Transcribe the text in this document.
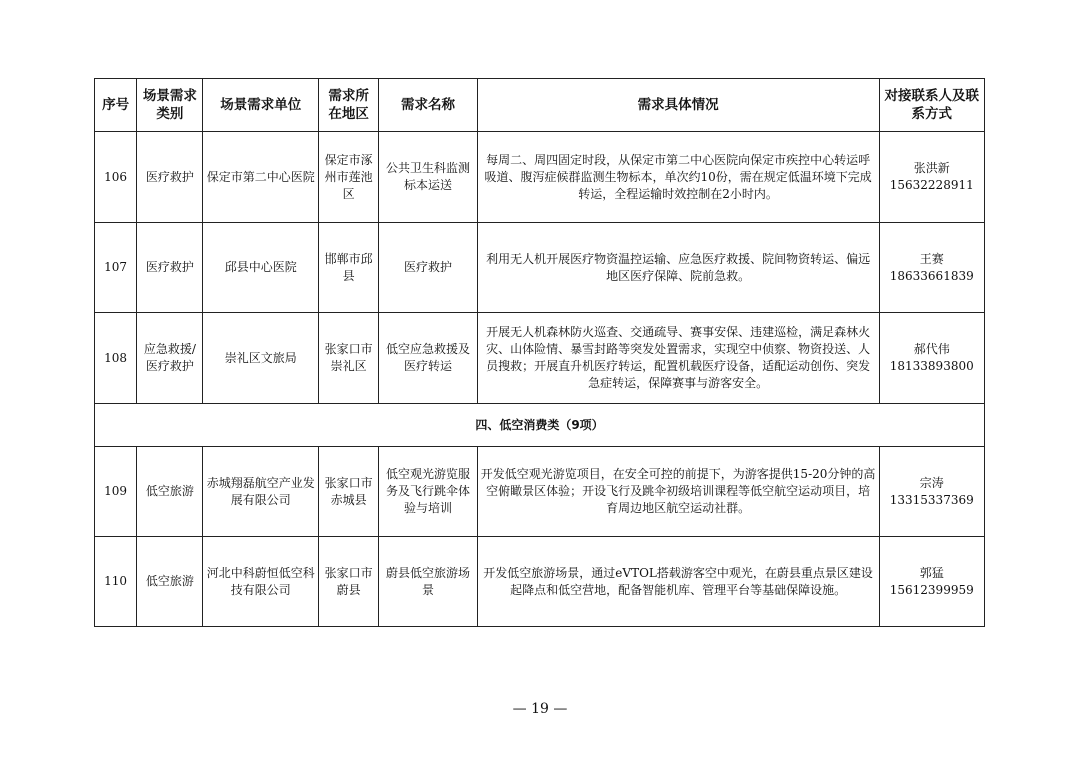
序号	场景需求类别	场景需求单位	需求所在地区	需求名称	需求具体情况	对接联系人及联系方式
106	医疗救护	保定市第二中心医院	保定市涿州市莲池区	公共卫生科监测标本运送	每周二、周四固定时段，从保定市第二中心医院向保定市疾控中心转运呼吸道、腹泻症候群监测生物标本，单次约10份，需在规定低温环境下完成转运，全程运输时效控制在2小时内。	张洪新
15632228911

107	医疗救护	邱县中心医院	邯郸市邱县	医疗救护	利用无人机开展医疗物资温控运输、应急医疗救援、院间物资转运、偏远地区医疗保障、院前急救。	王赛
18633661839

108	应急救援/医疗救护	崇礼区文旅局	张家口市崇礼区	低空应急救援及医疗转运	开展无人机森林防火巡查、交通疏导、赛事安保、违建巡检，满足森林火灾、山体险情、暴雪封路等突发处置需求，实现空中侦察、物资投送、人员搜救；开展直升机医疗转运，配置机载医疗设备，适配运动创伤、突发急症转运，保障赛事与游客安全。	郝代伟
18133893800

四、低空消费类（9项）						
109	低空旅游	赤城翔磊航空产业发展有限公司	张家口市赤城县	低空观光游览服务及飞行跳伞体验与培训	开发低空观光游览项目，在安全可控的前提下，为游客提供15-20分钟的高空俯瞰景区体验；开设飞行及跳伞初级培训课程等低空航空运动项目，培育周边地区航空运动社群。	宗涛
13315337369

110	低空旅游	河北中科蔚恒低空科技有限公司	张家口市蔚县	蔚县低空旅游场景	开发低空旅游场景，通过eVTOL搭载游客空中观光，在蔚县重点景区建设起降点和低空营地，配备智能机库、管理平台等基础保障设施。	郭猛
15612399959
— 19 —
